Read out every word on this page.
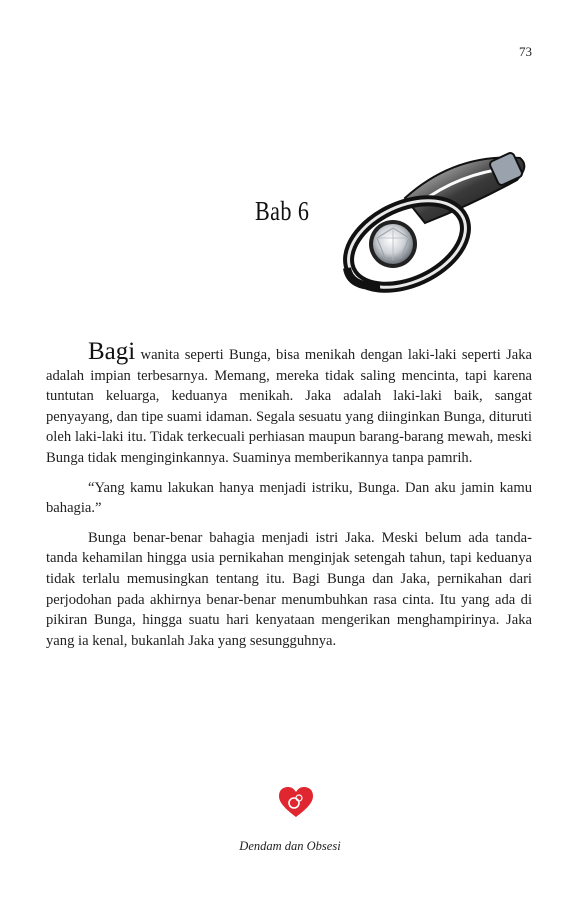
73
Bab 6

Bagi wanita seperti Bunga, bisa menikah dengan laki-laki seperti Jaka adalah impian terbesarnya. Memang, mereka tidak saling mencinta, tapi karena tuntutan keluarga, keduanya menikah. Jaka adalah laki-laki baik, sangat penyayang, dan tipe suami idaman. Segala sesuatu yang diinginkan Bunga, dituruti oleh laki-laki itu. Tidak terkecuali perhiasan maupun barang-barang mewah, meski Bunga tidak menginginkannya. Suaminya memberikannya tanpa pamrih.

“Yang kamu lakukan hanya menjadi istriku, Bunga. Dan aku jamin kamu bahagia.”

Bunga benar-benar bahagia menjadi istri Jaka. Meski belum ada tanda-tanda kehamilan hingga usia pernikahan menginjak setengah tahun, tapi keduanya tidak terlalu memusingkan tentang itu. Bagi Bunga dan Jaka, pernikahan dari perjodohan pada akhirnya benar-benar menumbuhkan rasa cinta. Itu yang ada di pikiran Bunga, hingga suatu hari kenyataan mengerikan menghampirinya. Jaka yang ia kenal, bukanlah Jaka yang sesungguhnya.

Dendam dan Obsesi
